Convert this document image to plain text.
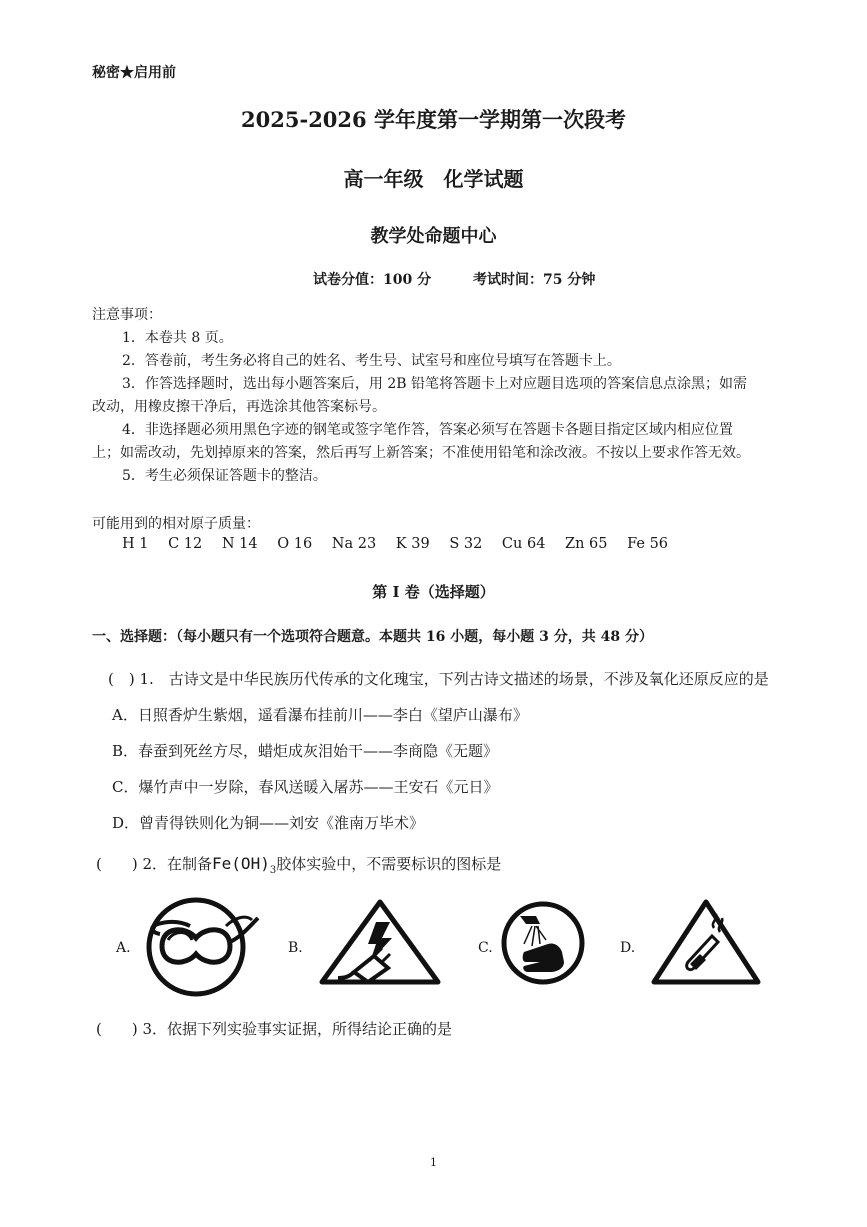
秘密★启用前
2025-2026 学年度第一学期第一次段考
高一年级　化学试题
教学处命题中心
试卷分值：100 分	考试时间：75 分钟
注意事项：
1．本卷共 8 页。
2．答卷前，考生务必将自己的姓名、考生号、试室号和座位号填写在答题卡上。
3．作答选择题时，选出每小题答案后，用 2B 铅笔将答题卡上对应题目选项的答案信息点涂黑；如需
改动，用橡皮擦干净后，再选涂其他答案标号。
4．非选择题必须用黑色字迹的钢笔或签字笔作答，答案必须写在答题卡各题目指定区域内相应位置
上；如需改动，先划掉原来的答案，然后再写上新答案；不准使用铅笔和涂改液。不按以上要求作答无效。
5．考生必须保证答题卡的整洁。
可能用到的相对原子质量：
H 1 C 12 N 14 O 16 Na 23 K 39 S 32 Cu 64 Zn 65 Fe 56
第 I 卷（选择题）
一、选择题：（每小题只有一个选项符合题意。本题共 16 小题，每小题 3 分，共 48 分）
(　) 1.　古诗文是中华民族历代传承的文化瑰宝，下列古诗文描述的场景，不涉及氧化还原反应的是
A．日照香炉生紫烟，遥看瀑布挂前川——李白《望庐山瀑布》
B．春蚕到死丝方尽，蜡炬成灰泪始干——李商隐《无题》
C．爆竹声中一岁除，春风送暖入屠苏——王安石《元日》
D．曾青得铁则化为铜——刘安《淮南万毕术》
(　　) 2．在制备$Fe(OH)_3$胶体实验中，不需要标识的图标是
A.	B.	C.	D.
(　　) 3．依据下列实验事实证据，所得结论正确的是
1
